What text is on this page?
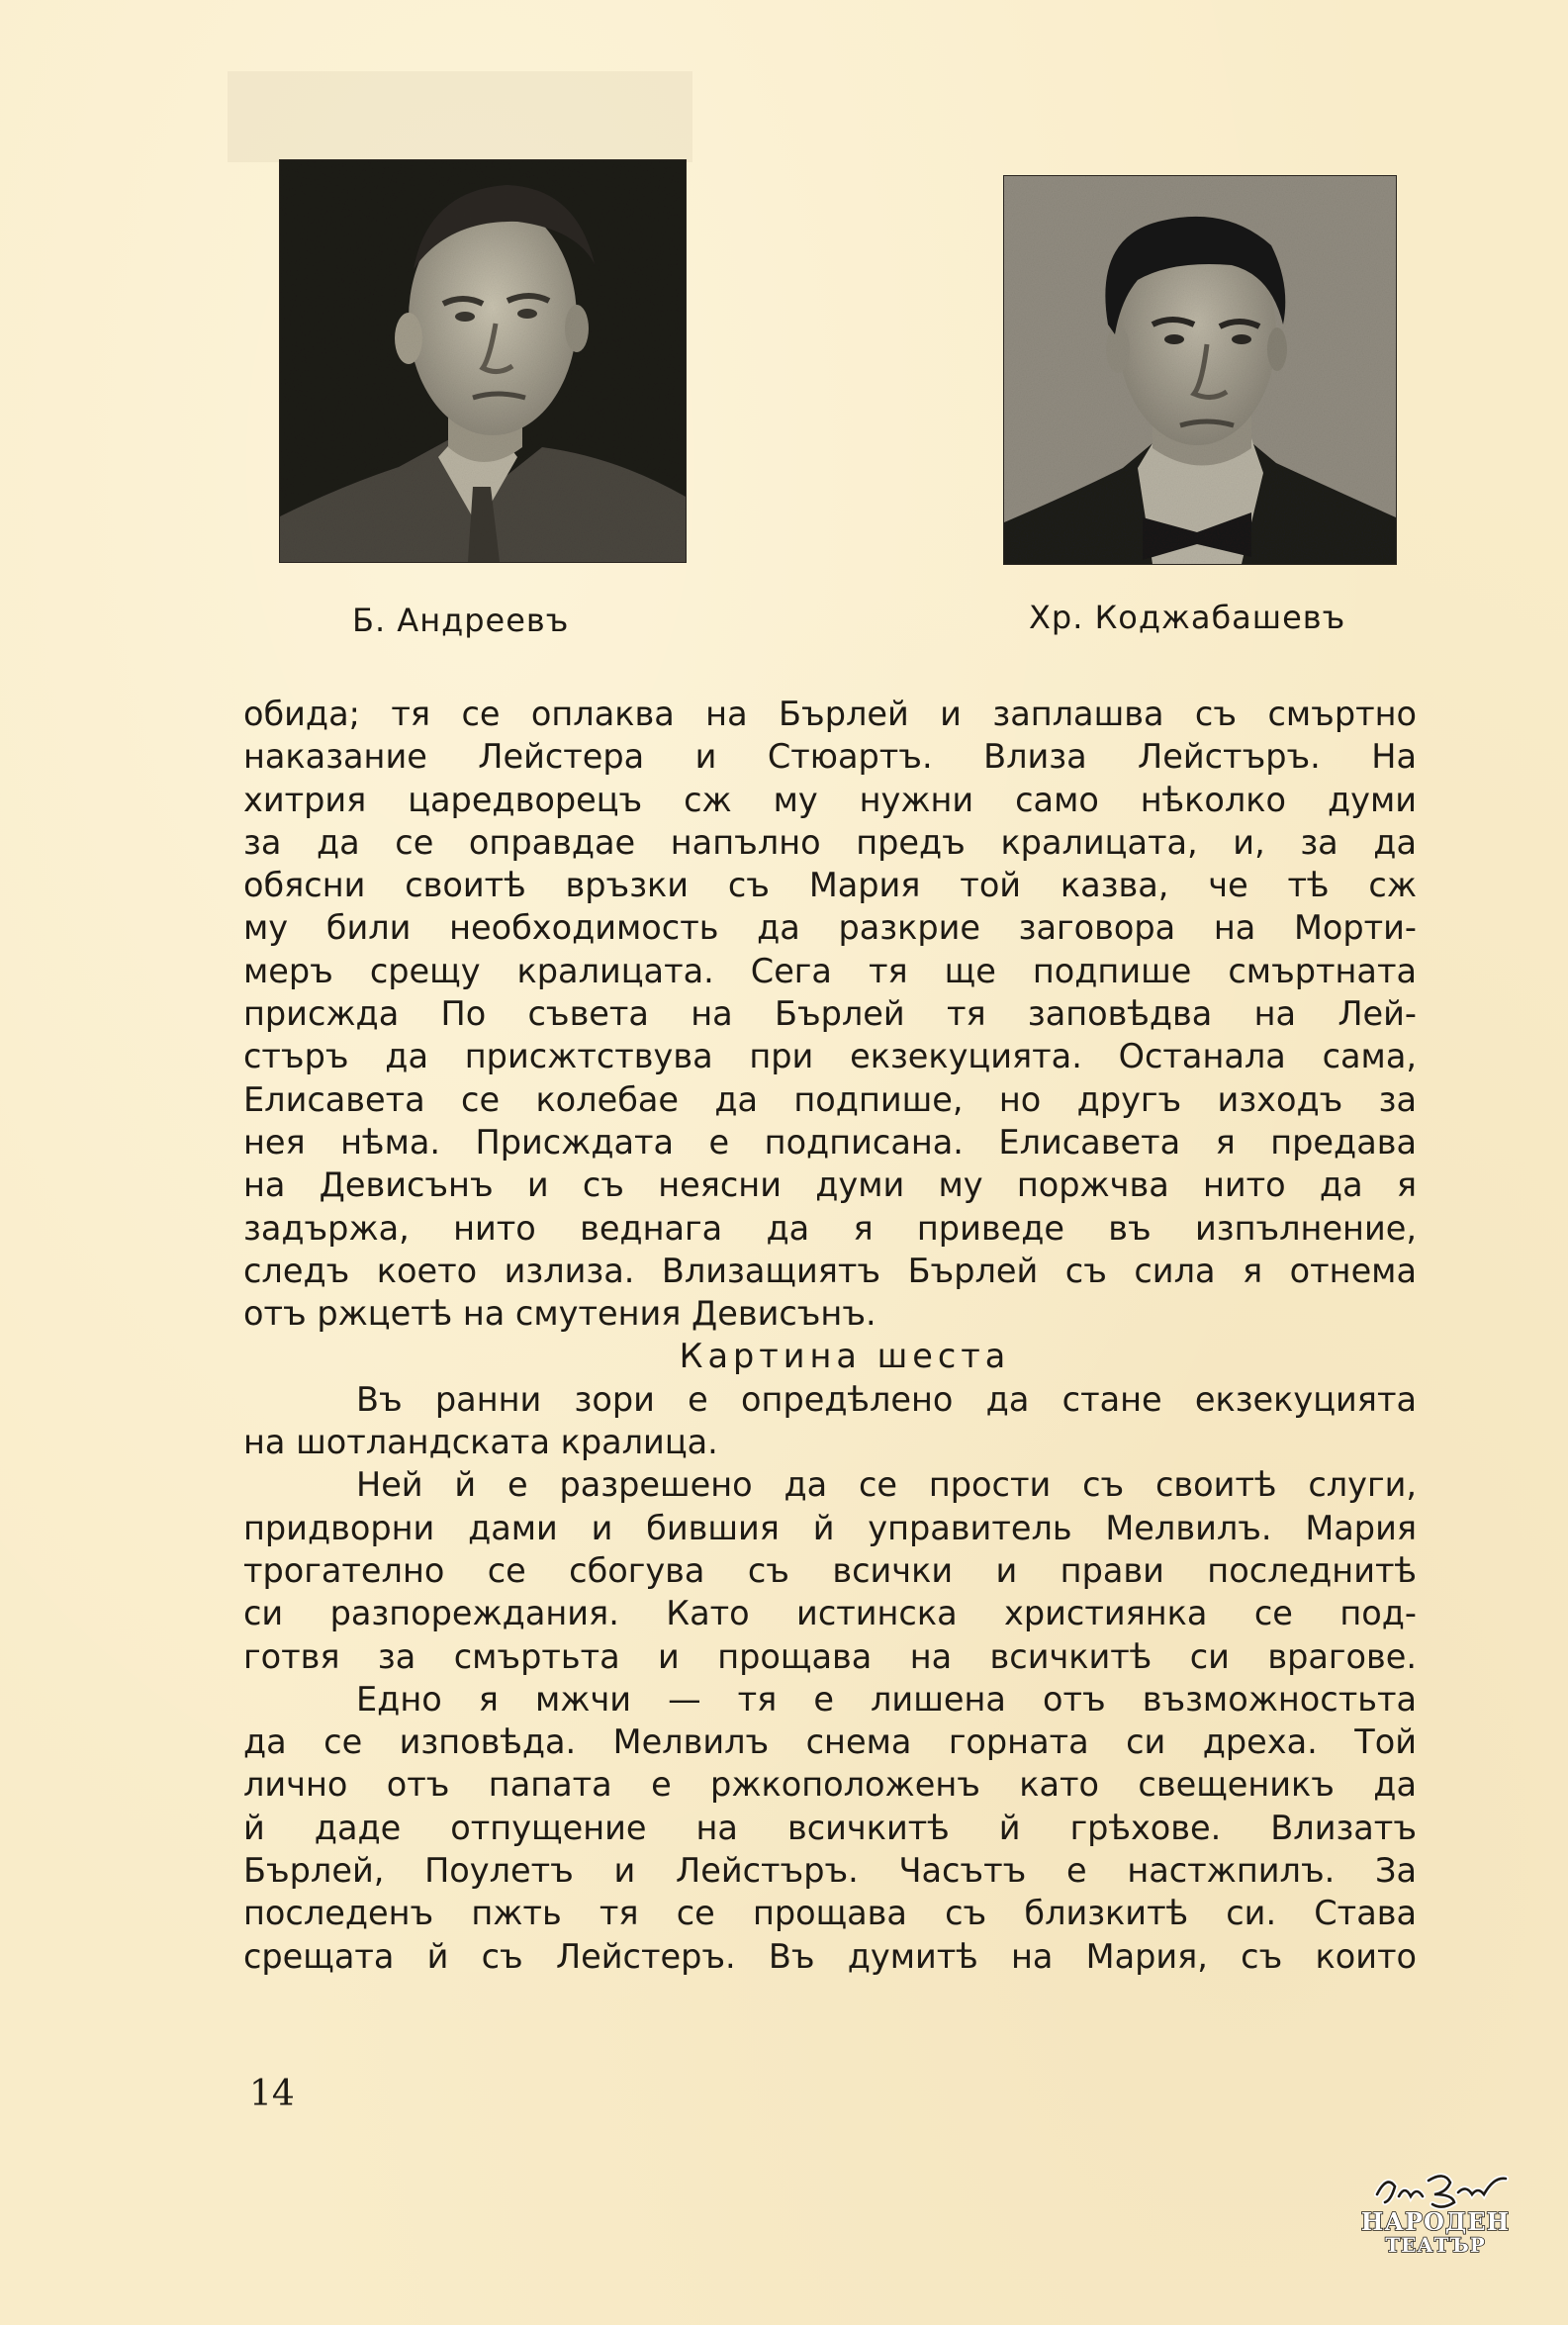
Б. Андреевъ	Хр. Коджабашевъ
обида; тя се оплаква на Бърлей и заплашва съ смъртно
наказание Лейстера и Стюартъ. Влиза Лейстъръ. На
хитрия царедворецъ сж му нужни само нѣколко думи
за да се оправдае напълно предъ кралицата, и, за да
обясни своитѣ връзки съ Мария той казва, че тѣ сж
му били необходимость да разкрие заговора на Морти-
меръ срещу кралицата. Сега тя ще подпише смъртната
присжда По съвета на Бърлей тя заповѣдва на Лей-
стъръ да присжтствува при екзекуцията. Останала сама,
Елисавета се колебае да подпише, но другъ изходъ за
нея нѣма. Присждата е подписана. Елисавета я предава
на Девисънъ и съ неясни думи му поржчва нито да я
задържа, нито веднага да я приведе въ изпълнение,
следъ което излиза. Влизащиятъ Бърлей съ сила я отнема
отъ ржцетѣ на смутения Девисънъ.
Картина шеста
Въ ранни зори е опредѣлено да стане екзекуцията
на шотландската кралица.
Ней й е разрешено да се прости съ своитѣ слуги,
придворни дами и бившия й управитель Мелвилъ. Мария
трогателно се сбогува съ всички и прави последнитѣ
си разпореждания. Като истинска християнка се под-
готвя за смъртьта и прощава на всичкитѣ си врагове.
Едно я мжчи — тя е лишена отъ възможностьта
да се изповѣда. Мелвилъ снема горната си дреха. Той
лично отъ папата е ржкоположенъ като свещеникъ да
й даде отпущение на всичкитѣ й грѣхове. Влизатъ
Бърлей, Поулетъ и Лейстъръ. Часътъ е настжпилъ. За
последенъ пжть тя се прощава съ близкитѣ си. Става
срещата й съ Лейстеръ. Въ думитѣ на Мария, съ които
14
НАРОДЕН
ТЕАТЪР
